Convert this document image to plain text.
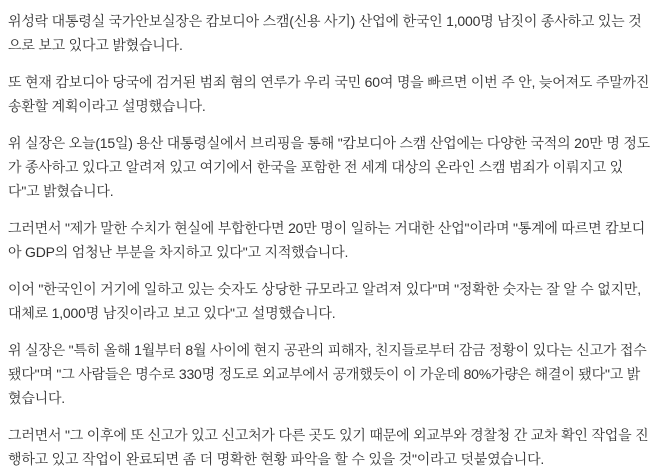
위성락 대통령실 국가안보실장은 캄보디아 스캠(신용 사기) 산업에 한국인 1,000명 남짓이 종사하고 있는 것으로 보고 있다고 밝혔습니다.

또 현재 캄보디아 당국에 검거된 범죄 혐의 연루가 우리 국민 60여 명을 빠르면 이번 주 안, 늦어져도 주말까진 송환할 계획이라고 설명했습니다.

위 실장은 오늘(15일) 용산 대통령실에서 브리핑을 통해 "캄보디아 스캠 산업에는 다양한 국적의 20만 명 정도가 종사하고 있다고 알려져 있고 여기에서 한국을 포함한 전 세계 대상의 온라인 스캠 범죄가 이뤄지고 있다"고 밝혔습니다.

그러면서 "제가 말한 수치가 현실에 부합한다면 20만 명이 일하는 거대한 산업"이라며 "통계에 따르면 캄보디아 GDP의 엄청난 부분을 차지하고 있다"고 지적했습니다.

이어 "한국인이 거기에 일하고 있는 숫자도 상당한 규모라고 알려져 있다"며 "정확한 숫자는 잘 알 수 없지만, 대체로 1,000명 남짓이라고 보고 있다"고 설명했습니다.

위 실장은 "특히 올해 1월부터 8월 사이에 현지 공관의 피해자, 친지들로부터 감금 정황이 있다는 신고가 접수됐다"며 "그 사람들은 명수로 330명 정도로 외교부에서 공개했듯이 이 가운데 80%가량은 해결이 됐다"고 밝혔습니다.

그러면서 "그 이후에 또 신고가 있고 신고처가 다른 곳도 있기 때문에 외교부와 경찰청 간 교차 확인 작업을 진행하고 있고 작업이 완료되면 좀 더 명확한 현황 파악을 할 수 있을 것"이라고 덧붙였습니다.
